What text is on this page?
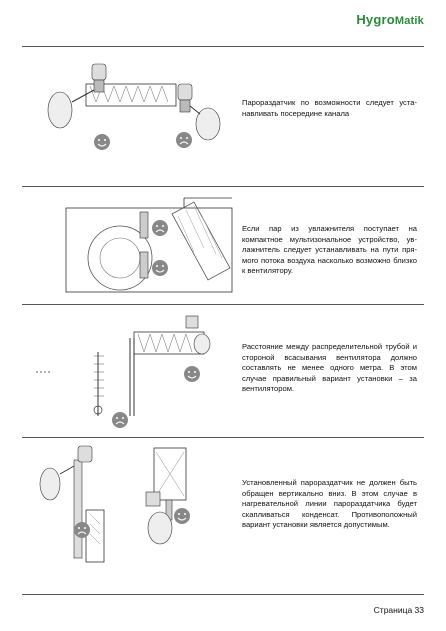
HygroMatik
Парораздатчик по возможности следует устанавливать посередине канала
Если пар из увлажнителя поступает на компактное мультизональное устройство, увлажнитель следует устанавливать на пути прямого потока воздуха насколько возможно близко к вентилятору.
Расстояние между распределительной трубой и стороной всасывания вентилятора должно составлять не менее одного метра. В этом случае правильный вариант установки – за вентилятором.
Установленный парораздатчик не должен быть обращен вертикально вниз. В этом случае в нагревательной линии парораздатчика будет скапливаться конденсат. Противоположный вариант установки является допустимым.
Страница 33
